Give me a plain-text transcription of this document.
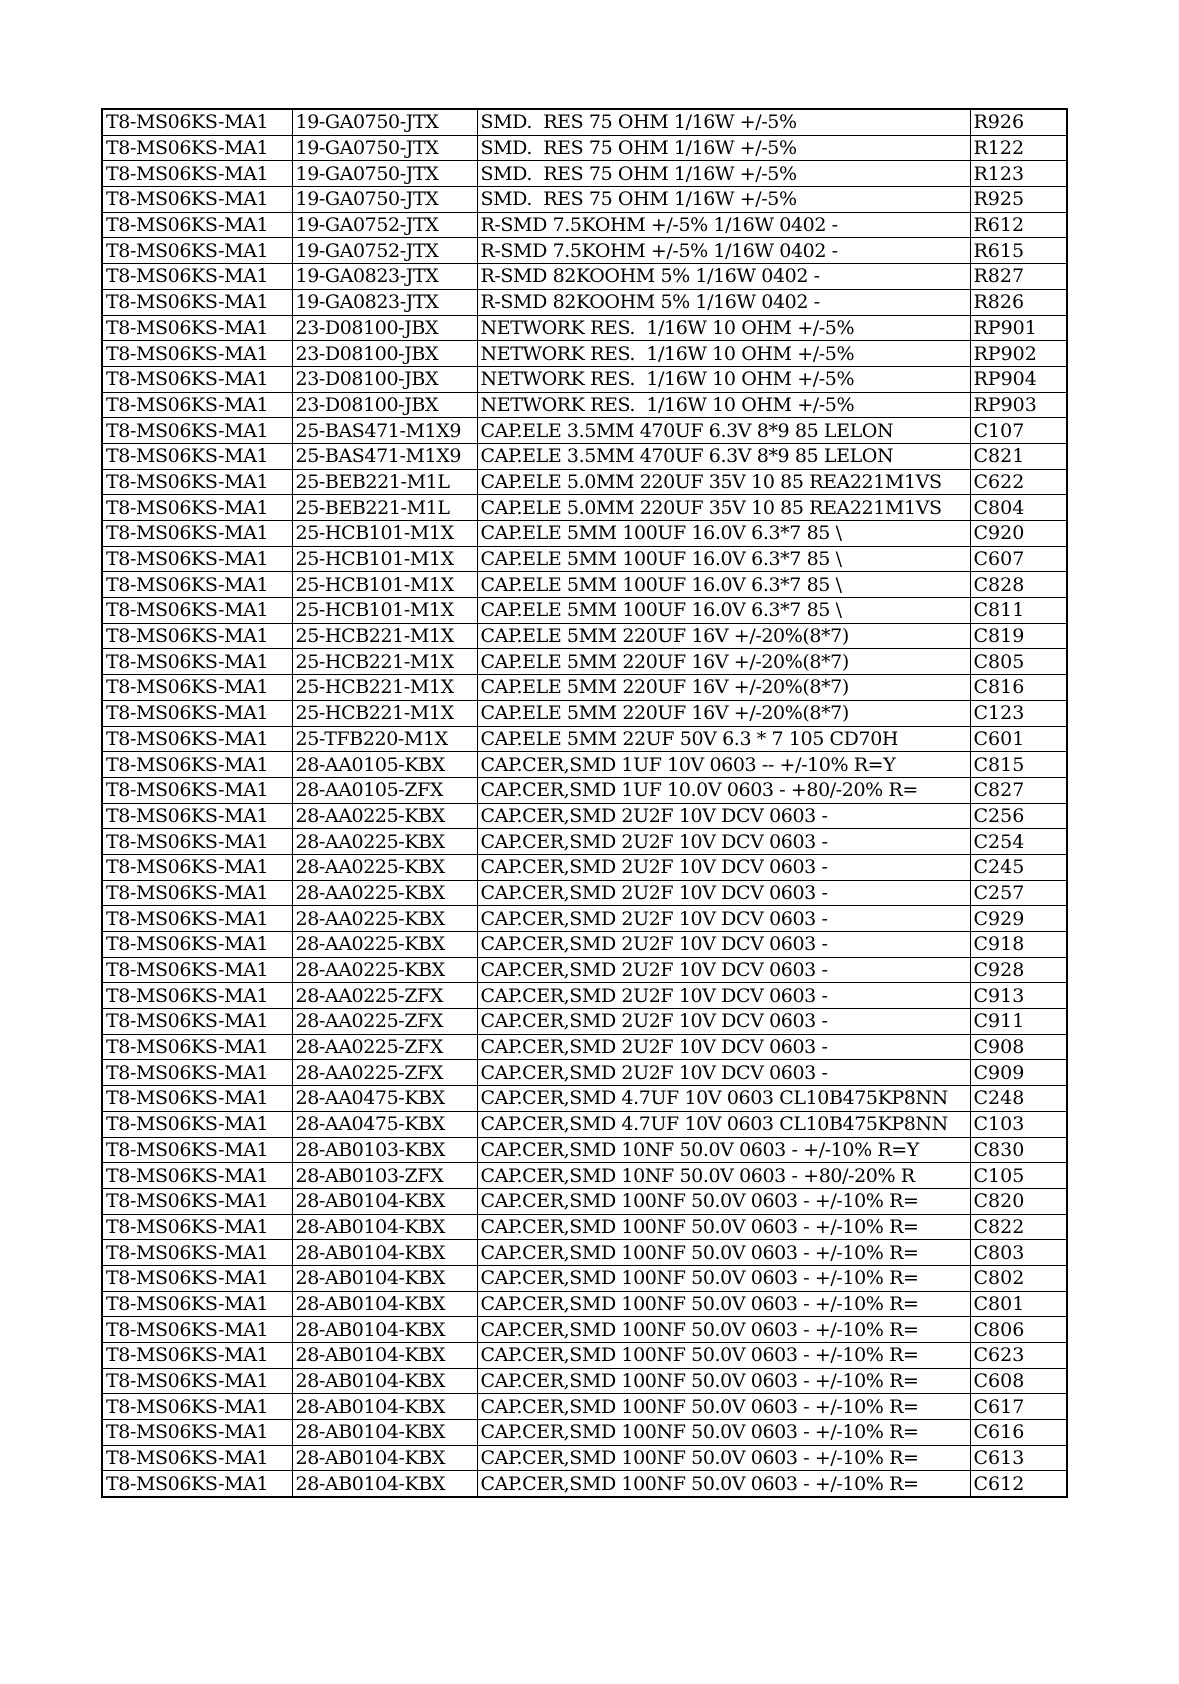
T8-MS06KS-MA1	19-GA0750-JTX	SMD.  RES 75 OHM 1/16W +/-5%	R926
T8-MS06KS-MA1	19-GA0750-JTX	SMD.  RES 75 OHM 1/16W +/-5%	R122
T8-MS06KS-MA1	19-GA0750-JTX	SMD.  RES 75 OHM 1/16W +/-5%	R123
T8-MS06KS-MA1	19-GA0750-JTX	SMD.  RES 75 OHM 1/16W +/-5%	R925
T8-MS06KS-MA1	19-GA0752-JTX	R-SMD 7.5KOHM +/-5% 1/16W 0402 -	R612
T8-MS06KS-MA1	19-GA0752-JTX	R-SMD 7.5KOHM +/-5% 1/16W 0402 -	R615
T8-MS06KS-MA1	19-GA0823-JTX	R-SMD 82KOOHM 5% 1/16W 0402 -	R827
T8-MS06KS-MA1	19-GA0823-JTX	R-SMD 82KOOHM 5% 1/16W 0402 -	R826
T8-MS06KS-MA1	23-D08100-JBX	NETWORK RES.  1/16W 10 OHM +/-5%	RP901
T8-MS06KS-MA1	23-D08100-JBX	NETWORK RES.  1/16W 10 OHM +/-5%	RP902
T8-MS06KS-MA1	23-D08100-JBX	NETWORK RES.  1/16W 10 OHM +/-5%	RP904
T8-MS06KS-MA1	23-D08100-JBX	NETWORK RES.  1/16W 10 OHM +/-5%	RP903
T8-MS06KS-MA1	25-BAS471-M1X9	CAP.ELE 3.5MM 470UF 6.3V 8*9 85 LELON	C107
T8-MS06KS-MA1	25-BAS471-M1X9	CAP.ELE 3.5MM 470UF 6.3V 8*9 85 LELON	C821
T8-MS06KS-MA1	25-BEB221-M1L	CAP.ELE 5.0MM 220UF 35V 10 85 REA221M1VS	C622
T8-MS06KS-MA1	25-BEB221-M1L	CAP.ELE 5.0MM 220UF 35V 10 85 REA221M1VS	C804
T8-MS06KS-MA1	25-HCB101-M1X	CAP.ELE 5MM 100UF 16.0V 6.3*7 85 \	C920
T8-MS06KS-MA1	25-HCB101-M1X	CAP.ELE 5MM 100UF 16.0V 6.3*7 85 \	C607
T8-MS06KS-MA1	25-HCB101-M1X	CAP.ELE 5MM 100UF 16.0V 6.3*7 85 \	C828
T8-MS06KS-MA1	25-HCB101-M1X	CAP.ELE 5MM 100UF 16.0V 6.3*7 85 \	C811
T8-MS06KS-MA1	25-HCB221-M1X	CAP.ELE 5MM 220UF 16V +/-20%(8*7)	C819
T8-MS06KS-MA1	25-HCB221-M1X	CAP.ELE 5MM 220UF 16V +/-20%(8*7)	C805
T8-MS06KS-MA1	25-HCB221-M1X	CAP.ELE 5MM 220UF 16V +/-20%(8*7)	C816
T8-MS06KS-MA1	25-HCB221-M1X	CAP.ELE 5MM 220UF 16V +/-20%(8*7)	C123
T8-MS06KS-MA1	25-TFB220-M1X	CAP.ELE 5MM 22UF 50V 6.3 * 7 105 CD70H	C601
T8-MS06KS-MA1	28-AA0105-KBX	CAP.CER,SMD 1UF 10V 0603 -- +/-10% R=Y	C815
T8-MS06KS-MA1	28-AA0105-ZFX	CAP.CER,SMD 1UF 10.0V 0603 - +80/-20% R=	C827
T8-MS06KS-MA1	28-AA0225-KBX	CAP.CER,SMD 2U2F 10V DCV 0603 -	C256
T8-MS06KS-MA1	28-AA0225-KBX	CAP.CER,SMD 2U2F 10V DCV 0603 -	C254
T8-MS06KS-MA1	28-AA0225-KBX	CAP.CER,SMD 2U2F 10V DCV 0603 -	C245
T8-MS06KS-MA1	28-AA0225-KBX	CAP.CER,SMD 2U2F 10V DCV 0603 -	C257
T8-MS06KS-MA1	28-AA0225-KBX	CAP.CER,SMD 2U2F 10V DCV 0603 -	C929
T8-MS06KS-MA1	28-AA0225-KBX	CAP.CER,SMD 2U2F 10V DCV 0603 -	C918
T8-MS06KS-MA1	28-AA0225-KBX	CAP.CER,SMD 2U2F 10V DCV 0603 -	C928
T8-MS06KS-MA1	28-AA0225-ZFX	CAP.CER,SMD 2U2F 10V DCV 0603 -	C913
T8-MS06KS-MA1	28-AA0225-ZFX	CAP.CER,SMD 2U2F 10V DCV 0603 -	C911
T8-MS06KS-MA1	28-AA0225-ZFX	CAP.CER,SMD 2U2F 10V DCV 0603 -	C908
T8-MS06KS-MA1	28-AA0225-ZFX	CAP.CER,SMD 2U2F 10V DCV 0603 -	C909
T8-MS06KS-MA1	28-AA0475-KBX	CAP.CER,SMD 4.7UF 10V 0603 CL10B475KP8NN	C248
T8-MS06KS-MA1	28-AA0475-KBX	CAP.CER,SMD 4.7UF 10V 0603 CL10B475KP8NN	C103
T8-MS06KS-MA1	28-AB0103-KBX	CAP.CER,SMD 10NF 50.0V 0603 - +/-10% R=Y	C830
T8-MS06KS-MA1	28-AB0103-ZFX	CAP.CER,SMD 10NF 50.0V 0603 - +80/-20% R	C105
T8-MS06KS-MA1	28-AB0104-KBX	CAP.CER,SMD 100NF 50.0V 0603 - +/-10% R=	C820
T8-MS06KS-MA1	28-AB0104-KBX	CAP.CER,SMD 100NF 50.0V 0603 - +/-10% R=	C822
T8-MS06KS-MA1	28-AB0104-KBX	CAP.CER,SMD 100NF 50.0V 0603 - +/-10% R=	C803
T8-MS06KS-MA1	28-AB0104-KBX	CAP.CER,SMD 100NF 50.0V 0603 - +/-10% R=	C802
T8-MS06KS-MA1	28-AB0104-KBX	CAP.CER,SMD 100NF 50.0V 0603 - +/-10% R=	C801
T8-MS06KS-MA1	28-AB0104-KBX	CAP.CER,SMD 100NF 50.0V 0603 - +/-10% R=	C806
T8-MS06KS-MA1	28-AB0104-KBX	CAP.CER,SMD 100NF 50.0V 0603 - +/-10% R=	C623
T8-MS06KS-MA1	28-AB0104-KBX	CAP.CER,SMD 100NF 50.0V 0603 - +/-10% R=	C608
T8-MS06KS-MA1	28-AB0104-KBX	CAP.CER,SMD 100NF 50.0V 0603 - +/-10% R=	C617
T8-MS06KS-MA1	28-AB0104-KBX	CAP.CER,SMD 100NF 50.0V 0603 - +/-10% R=	C616
T8-MS06KS-MA1	28-AB0104-KBX	CAP.CER,SMD 100NF 50.0V 0603 - +/-10% R=	C613
T8-MS06KS-MA1	28-AB0104-KBX	CAP.CER,SMD 100NF 50.0V 0603 - +/-10% R=	C612
